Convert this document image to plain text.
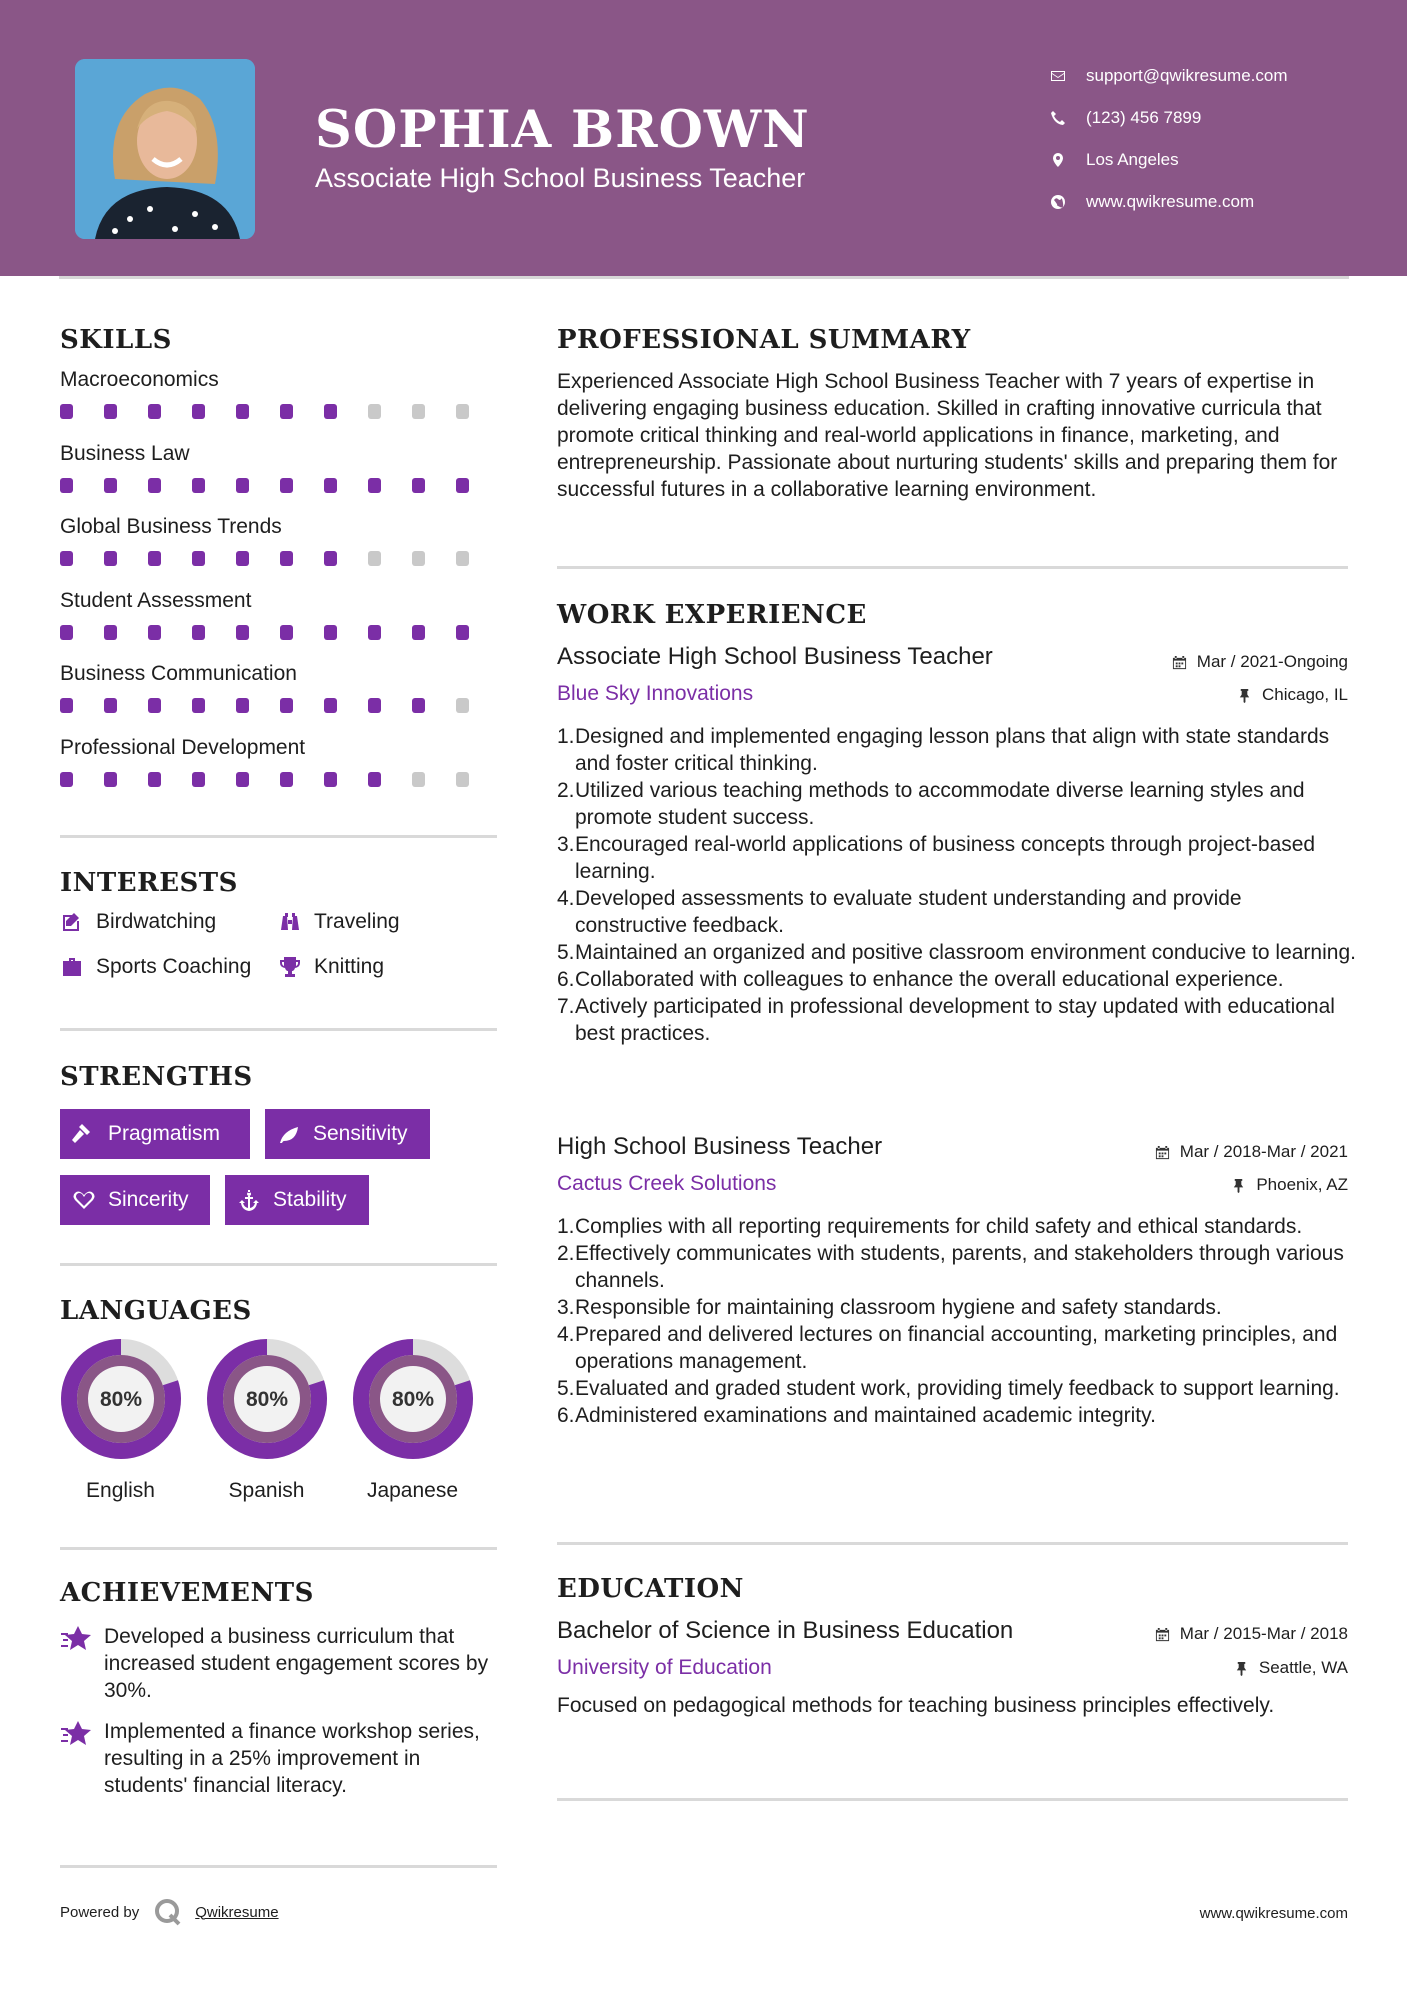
SOPHIA BROWN
Associate High School Business Teacher
support@qwikresume.com
(123) 456 7899
Los Angeles
www.qwikresume.com
SKILLS
Macroeconomics
Business Law
Global Business Trends
Student Assessment
Business Communication
Professional Development
INTERESTS
Birdwatching	Traveling
Sports Coaching	Knitting
STRENGTHS
Pragmatism	Sensitivity
Sincerity	Stability
LANGUAGES
80%
English
80%
Spanish
80%
Japanese
ACHIEVEMENTS
Developed a business curriculum that increased student engagement scores by 30%.
Implemented a finance workshop series, resulting in a 25% improvement in students' financial literacy.
PROFESSIONAL SUMMARY
Experienced Associate High School Business Teacher with 7 years of expertise in delivering engaging business education. Skilled in crafting innovative curricula that promote critical thinking and real-world applications in finance, marketing, and entrepreneurship. Passionate about nurturing students' skills and preparing them for successful futures in a collaborative learning environment.
WORK EXPERIENCE
Associate High School Business Teacher	Mar / 2021-Ongoing
Blue Sky Innovations	Chicago, IL
1. Designed and implemented engaging lesson plans that align with state standards and foster critical thinking.
2. Utilized various teaching methods to accommodate diverse learning styles and promote student success.
3. Encouraged real-world applications of business concepts through project-based learning.
4. Developed assessments to evaluate student understanding and provide constructive feedback.
5. Maintained an organized and positive classroom environment conducive to learning.
6. Collaborated with colleagues to enhance the overall educational experience.
7. Actively participated in professional development to stay updated with educational best practices.
High School Business Teacher	Mar / 2018-Mar / 2021
Cactus Creek Solutions	Phoenix, AZ
1. Complies with all reporting requirements for child safety and ethical standards.
2. Effectively communicates with students, parents, and stakeholders through various channels.
3. Responsible for maintaining classroom hygiene and safety standards.
4. Prepared and delivered lectures on financial accounting, marketing principles, and operations management.
5. Evaluated and graded student work, providing timely feedback to support learning.
6. Administered examinations and maintained academic integrity.
EDUCATION
Bachelor of Science in Business Education	Mar / 2015-Mar / 2018
University of Education	Seattle, WA
Focused on pedagogical methods for teaching business principles effectively.
Powered by	Qwikresume	www.qwikresume.com
